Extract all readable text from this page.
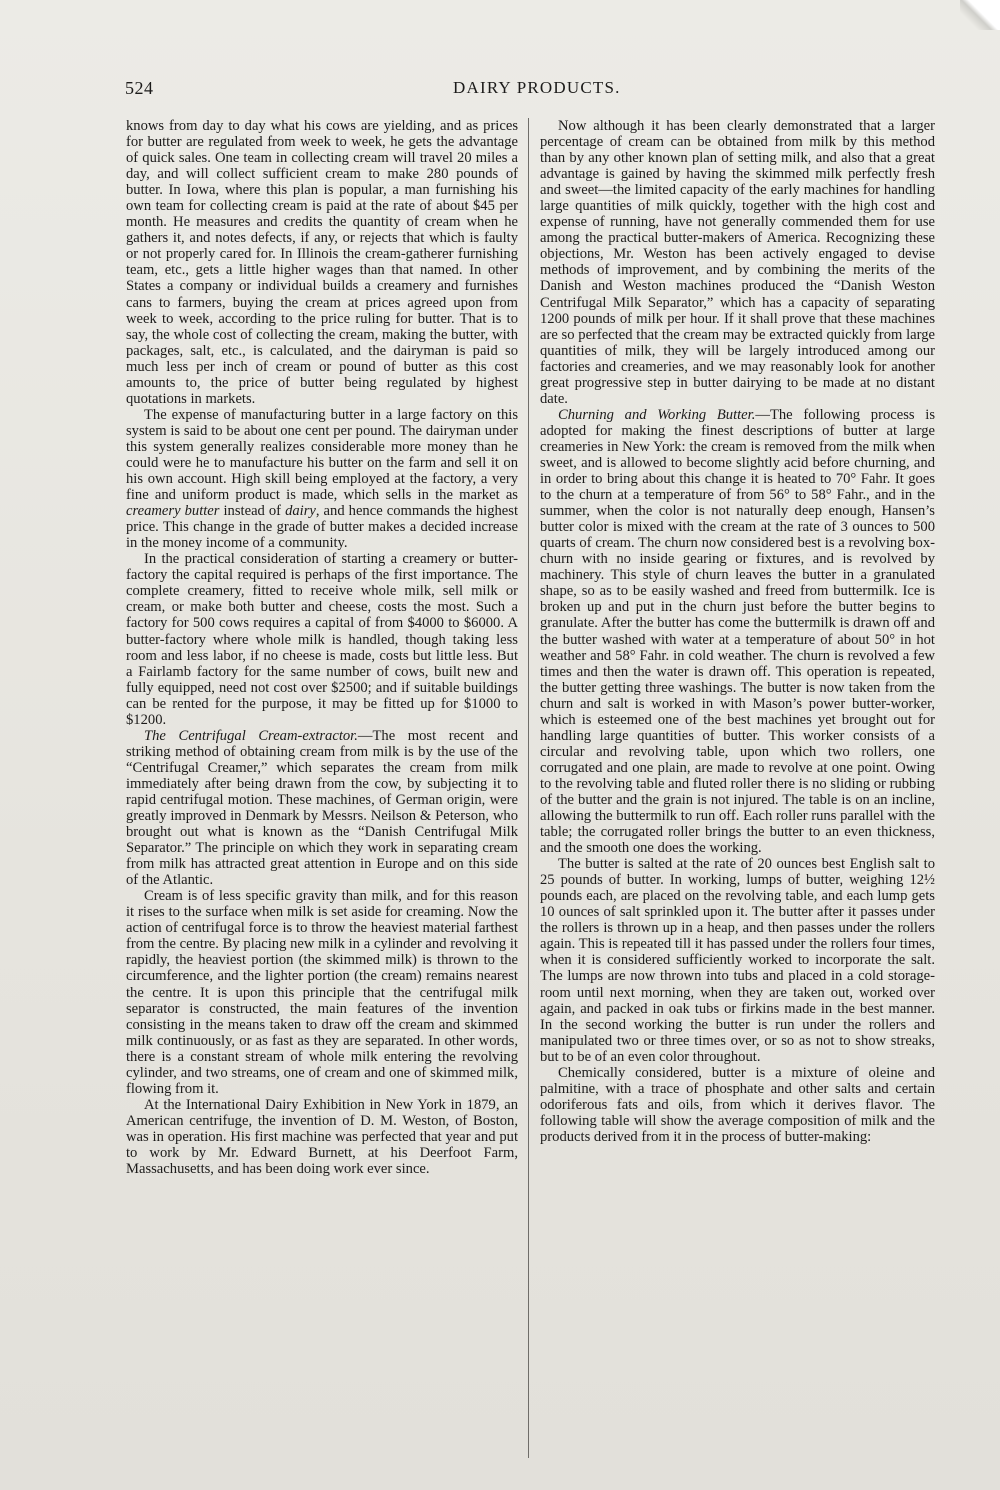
524	DAIRY PRODUCTS.

knows from day to day what his cows are yielding, and as prices for butter are regulated from week to week, he gets the advantage of quick sales. One team in collecting cream will travel 20 miles a day, and will collect sufficient cream to make 280 pounds of butter. In Iowa, where this plan is popular, a man furnishing his own team for collecting cream is paid at the rate of about $45 per month. He measures and credits the quantity of cream when he gathers it, and notes defects, if any, or rejects that which is faulty or not properly cared for. In Illinois the cream-gatherer furnishing team, etc., gets a little higher wages than that named. In other States a company or individual builds a creamery and furnishes cans to farmers, buying the cream at prices agreed upon from week to week, according to the price ruling for butter. That is to say, the whole cost of collecting the cream, making the butter, with packages, salt, etc., is calculated, and the dairyman is paid so much less per inch of cream or pound of butter as this cost amounts to, the price of butter being regulated by highest quotations in markets.

The expense of manufacturing butter in a large factory on this system is said to be about one cent per pound. The dairyman under this system generally realizes considerable more money than he could were he to manufacture his butter on the farm and sell it on his own account. High skill being employed at the factory, a very fine and uniform product is made, which sells in the market as creamery butter instead of dairy, and hence commands the highest price. This change in the grade of butter makes a decided increase in the money income of a community.

In the practical consideration of starting a creamery or butter-factory the capital required is perhaps of the first importance. The complete creamery, fitted to receive whole milk, sell milk or cream, or make both butter and cheese, costs the most. Such a factory for 500 cows requires a capital of from $4000 to $6000. A butter-factory where whole milk is handled, though taking less room and less labor, if no cheese is made, costs but little less. But a Fairlamb factory for the same number of cows, built new and fully equipped, need not cost over $2500; and if suitable buildings can be rented for the purpose, it may be fitted up for $1000 to $1200.

The Centrifugal Cream-extractor.—The most recent and striking method of obtaining cream from milk is by the use of the “Centrifugal Creamer,” which separates the cream from milk immediately after being drawn from the cow, by subjecting it to rapid centrifugal motion. These machines, of German origin, were greatly improved in Denmark by Messrs. Neilson & Peterson, who brought out what is known as the “Danish Centrifugal Milk Separator.” The principle on which they work in separating cream from milk has attracted great attention in Europe and on this side of the Atlantic.

Cream is of less specific gravity than milk, and for this reason it rises to the surface when milk is set aside for creaming. Now the action of centrifugal force is to throw the heaviest material farthest from the centre. By placing new milk in a cylinder and revolving it rapidly, the heaviest portion (the skimmed milk) is thrown to the circumference, and the lighter portion (the cream) remains nearest the centre. It is upon this principle that the centrifugal milk separator is constructed, the main features of the invention consisting in the means taken to draw off the cream and skimmed milk continuously, or as fast as they are separated. In other words, there is a constant stream of whole milk entering the revolving cylinder, and two streams, one of cream and one of skimmed milk, flowing from it.

At the International Dairy Exhibition in New York in 1879, an American centrifuge, the invention of D. M. Weston, of Boston, was in operation. His first machine was perfected that year and put to work by Mr. Edward Burnett, at his Deerfoot Farm, Massachusetts, and has been doing work ever since.

Now although it has been clearly demonstrated that a larger percentage of cream can be obtained from milk by this method than by any other known plan of setting milk, and also that a great advantage is gained by having the skimmed milk perfectly fresh and sweet—the limited capacity of the early machines for handling large quantities of milk quickly, together with the high cost and expense of running, have not generally commended them for use among the practical butter-makers of America. Recognizing these objections, Mr. Weston has been actively engaged to devise methods of improvement, and by combining the merits of the Danish and Weston machines produced the “Danish Weston Centrifugal Milk Separator,” which has a capacity of separating 1200 pounds of milk per hour. If it shall prove that these machines are so perfected that the cream may be extracted quickly from large quantities of milk, they will be largely introduced among our factories and creameries, and we may reasonably look for another great progressive step in butter dairying to be made at no distant date.

Churning and Working Butter.—The following process is adopted for making the finest descriptions of butter at large creameries in New York: the cream is removed from the milk when sweet, and is allowed to become slightly acid before churning, and in order to bring about this change it is heated to 70° Fahr. It goes to the churn at a temperature of from 56° to 58° Fahr., and in the summer, when the color is not naturally deep enough, Hansen’s butter color is mixed with the cream at the rate of 3 ounces to 500 quarts of cream. The churn now considered best is a revolving box-churn with no inside gearing or fixtures, and is revolved by machinery. This style of churn leaves the butter in a granulated shape, so as to be easily washed and freed from buttermilk. Ice is broken up and put in the churn just before the butter begins to granulate. After the butter has come the buttermilk is drawn off and the butter washed with water at a temperature of about 50° in hot weather and 58° Fahr. in cold weather. The churn is revolved a few times and then the water is drawn off. This operation is repeated, the butter getting three washings. The butter is now taken from the churn and salt is worked in with Mason’s power butter-worker, which is esteemed one of the best machines yet brought out for handling large quantities of butter. This worker consists of a circular and revolving table, upon which two rollers, one corrugated and one plain, are made to revolve at one point. Owing to the revolving table and fluted roller there is no sliding or rubbing of the butter and the grain is not injured. The table is on an incline, allowing the buttermilk to run off. Each roller runs parallel with the table; the corrugated roller brings the butter to an even thickness, and the smooth one does the working.

The butter is salted at the rate of 20 ounces best English salt to 25 pounds of butter. In working, lumps of butter, weighing 12½ pounds each, are placed on the revolving table, and each lump gets 10 ounces of salt sprinkled upon it. The butter after it passes under the rollers is thrown up in a heap, and then passes under the rollers again. This is repeated till it has passed under the rollers four times, when it is considered sufficiently worked to incorporate the salt. The lumps are now thrown into tubs and placed in a cold storage-room until next morning, when they are taken out, worked over again, and packed in oak tubs or firkins made in the best manner. In the second working the butter is run under the rollers and manipulated two or three times over, or so as not to show streaks, but to be of an even color throughout.

Chemically considered, butter is a mixture of oleine and palmitine, with a trace of phosphate and other salts and certain odoriferous fats and oils, from which it derives flavor. The following table will show the average composition of milk and the products derived from it in the process of butter-making:
